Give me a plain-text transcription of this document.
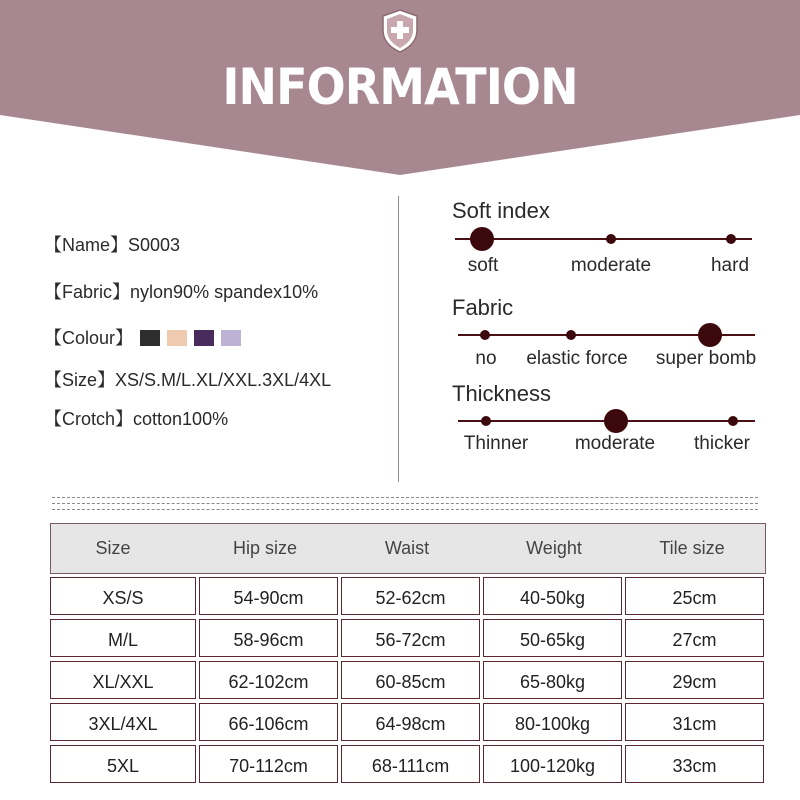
INFORMATION
【Name】S0003
【Fabric】nylon90% spandex10%
【Colour】
【Size】XS/S.M/L.XL/XXL.3XL/4XL
【Crotch】cotton100%
Soft index
soft	moderate	hard
Fabric
no elastic force super bomb
Thickness
Thinner moderate thicker
Size	Hip size	Waist	Weight	Tile size
XS/S	54-90cm	52-62cm	40-50kg	25cm
M/L	58-96cm	56-72cm	50-65kg	27cm
XL/XXL	62-102cm	60-85cm	65-80kg	29cm
3XL/4XL	66-106cm	64-98cm	80-100kg	31cm
5XL	70-112cm	68-111cm	100-120kg	33cm
